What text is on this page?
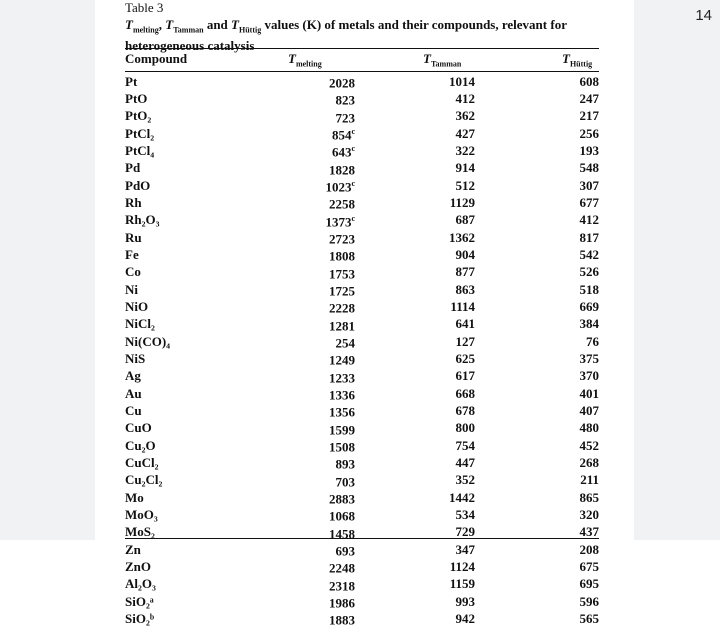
14

Table 3

$T_{melting}$, $T_{Tamman}$ and $T_{Hüttig}$ values (K) of metals and their compounds, relevant for heterogeneous catalysis

Compound	$T_{melting}$	$T_{Tamman}$	$T_{Hüttig}$
Pt	2028	1014	608
PtO	823	412	247
PtO₂	723	362	217
PtCl₂	854$^c$	427	256
PtCl₄	643$^c$	322	193
Pd	1828	914	548
PdO	1023$^c$	512	307
Rh	2258	1129	677
Rh₂O₃	1373$^c$	687	412
Ru	2723	1362	817
Fe	1808	904	542
Co	1753	877	526
Ni	1725	863	518
NiO	2228	1114	669
NiCl₂	1281	641	384
Ni(CO)₄	254	127	76
NiS	1249	625	375
Ag	1233	617	370
Au	1336	668	401
Cu	1356	678	407
CuO	1599	800	480
Cu₂O	1508	754	452
CuCl₂	893	447	268
Cu₂Cl₂	703	352	211
Mo	2883	1442	865
MoO₃	1068	534	320
MoS₂	1458	729	437
Zn	693	347	208
ZnO	2248	1124	675
Al₂O₃	2318	1159	695
SiO₂ᵃ	1986	993	596
SiO₂ᵇ	1883	942	565
